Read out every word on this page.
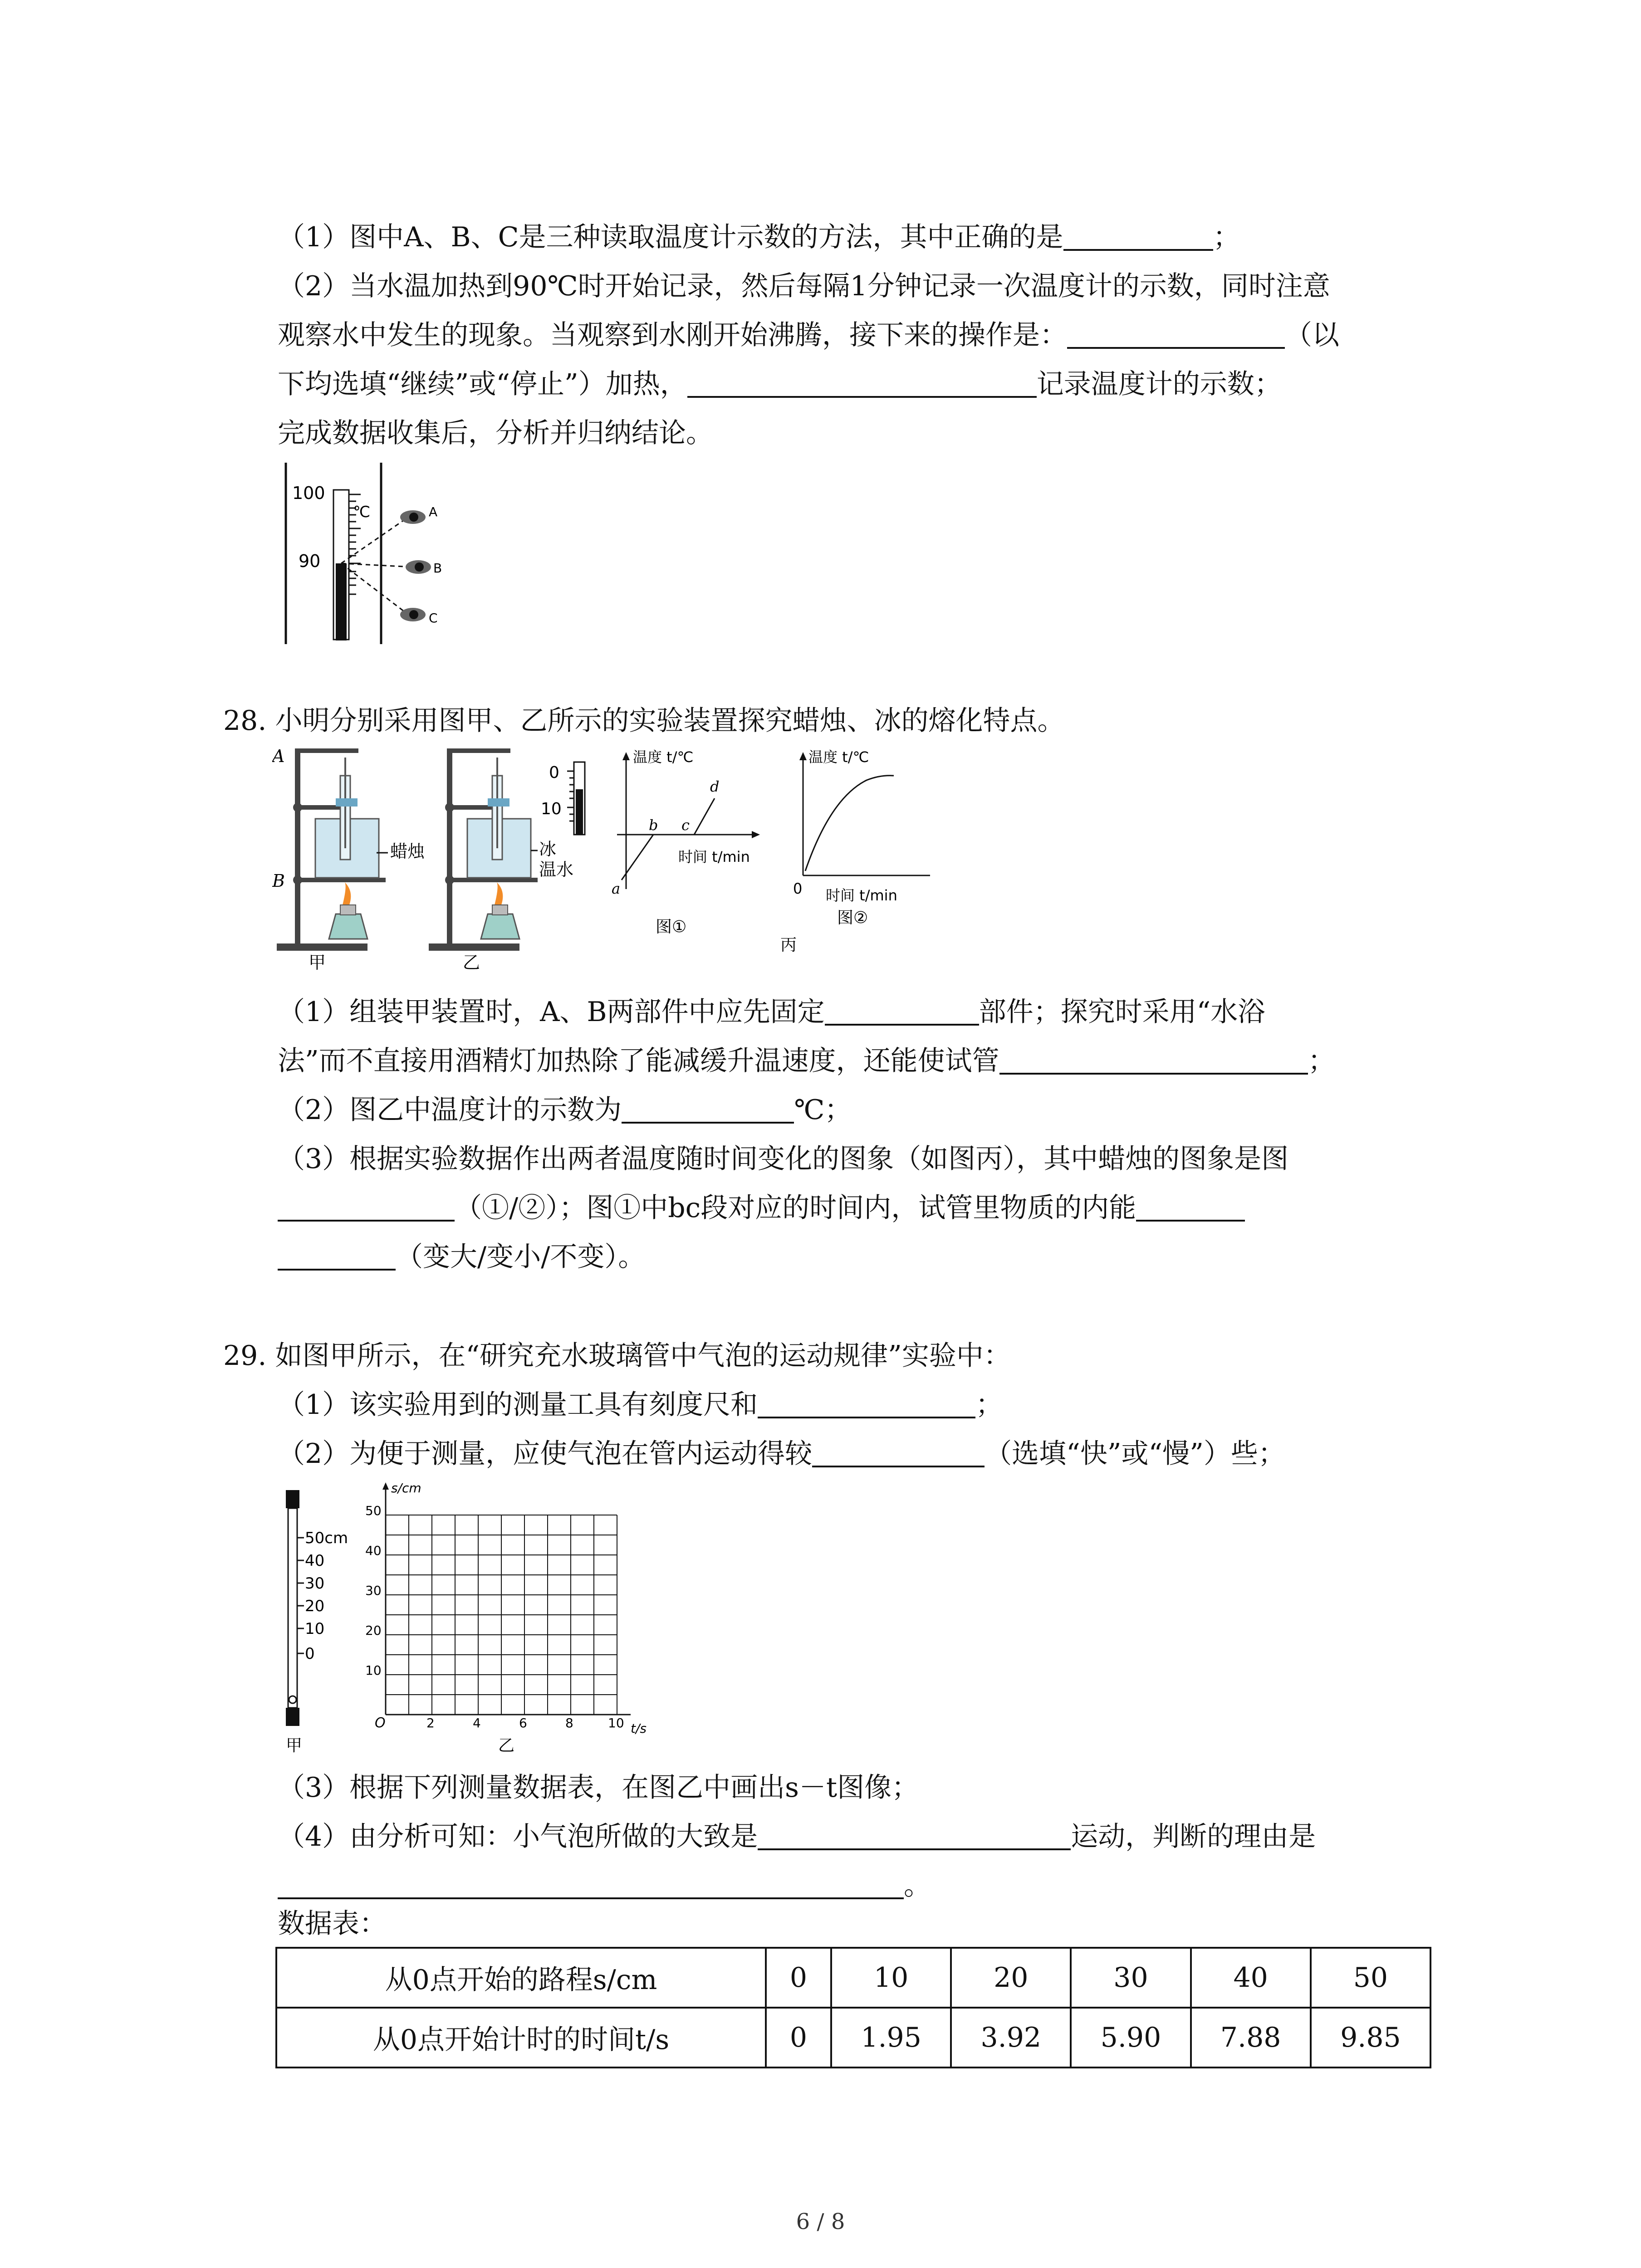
（1）图中A、B、C是三种读取温度计示数的方法，其中正确的是	；
（2）当水温加热到90℃时开始记录，然后每隔1分钟记录一次温度计的示数，同时注意
观察水中发生的现象。当观察到水刚开始沸腾，接下来的操作是：	（以
下均选填“继续”或“停止”）加热，	记录温度计的示数；
完成数据收集后，分析并归纳结论。
100
90
℃	A
B
C
28. 小明分别采用图甲、乙所示的实验装置探究蜡烛、冰的熔化特点。
A
B
蜡烛
甲
冰
温水
乙
0
10
温度 t/℃
时间 t/min
a
b c
d
图①
温度 t/℃
0 时间 t/min
图②
丙
（1）组装甲装置时，A、B两部件中应先固定	部件；探究时采用“水浴
法”而不直接用酒精灯加热除了能减缓升温速度，还能使试管	；
（2）图乙中温度计的示数为	℃；
（3）根据实验数据作出两者温度随时间变化的图象（如图丙），其中蜡烛的图象是图
（①/②）；图①中bc段对应的时间内，试管里物质的内能
（变大/变小/不变）。
29. 如图甲所示，在“研究充水玻璃管中气泡的运动规律”实验中：
（1）该实验用到的测量工具有刻度尺和	；
（2）为便于测量，应使气泡在管内运动得较	（选填“快”或“慢”）些；
50cm
40
30
20
10
0
甲
s/cm
t/s
50
40
30
20
10
O	2	4	6	8	10
乙
（3）根据下列测量数据表，在图乙中画出s－t图像；
（4）由分析可知：小气泡所做的大致是	运动，判断的理由是
。
数据表：
从0点开始的路程s/cm	0	10	20	30	40	50
从0点开始计时的时间t/s	0	1.95	3.92	5.90	7.88	9.85
6 / 8
